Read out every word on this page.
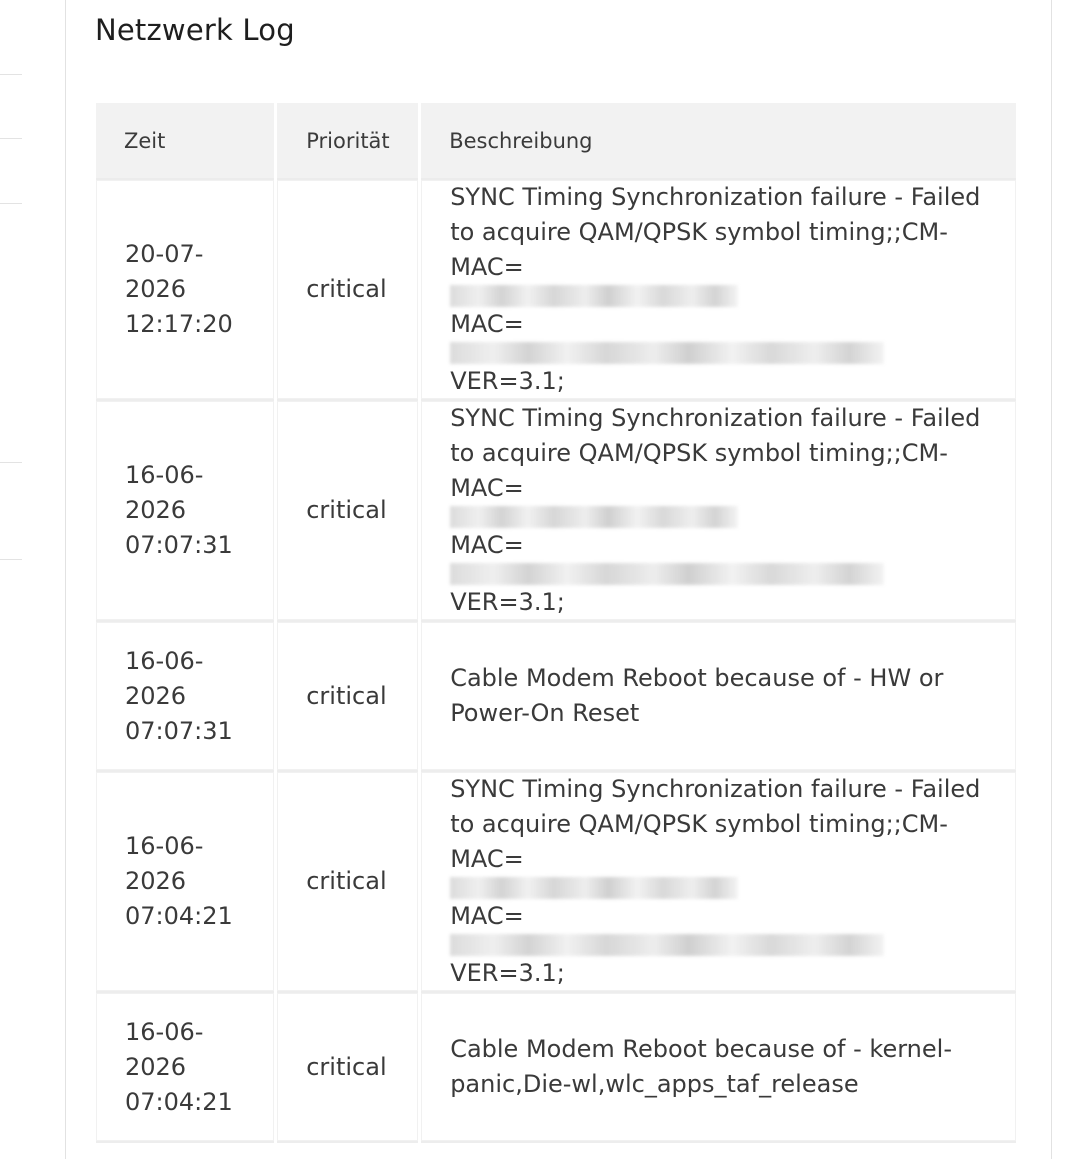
Netzwerk Log
Zeit	Priorität	Beschreibung
20-07-
2026
12:17:20	critical	SYNC Timing Synchronization failure - Failed
to acquire QAM/QPSK symbol timing;;CM-
MAC=
MAC=
VER=3.1;

16-06-
2026
07:07:31	critical	SYNC Timing Synchronization failure - Failed
to acquire QAM/QPSK symbol timing;;CM-
MAC=
MAC=
VER=3.1;

16-06-
2026
07:07:31	critical	Cable Modem Reboot because of - HW or
Power-On Reset

16-06-
2026
07:04:21	critical	SYNC Timing Synchronization failure - Failed
to acquire QAM/QPSK symbol timing;;CM-
MAC=
MAC=
VER=3.1;

16-06-
2026
07:04:21	critical	Cable Modem Reboot because of - kernel-
panic,Die-wl,wlc_apps_taf_release
